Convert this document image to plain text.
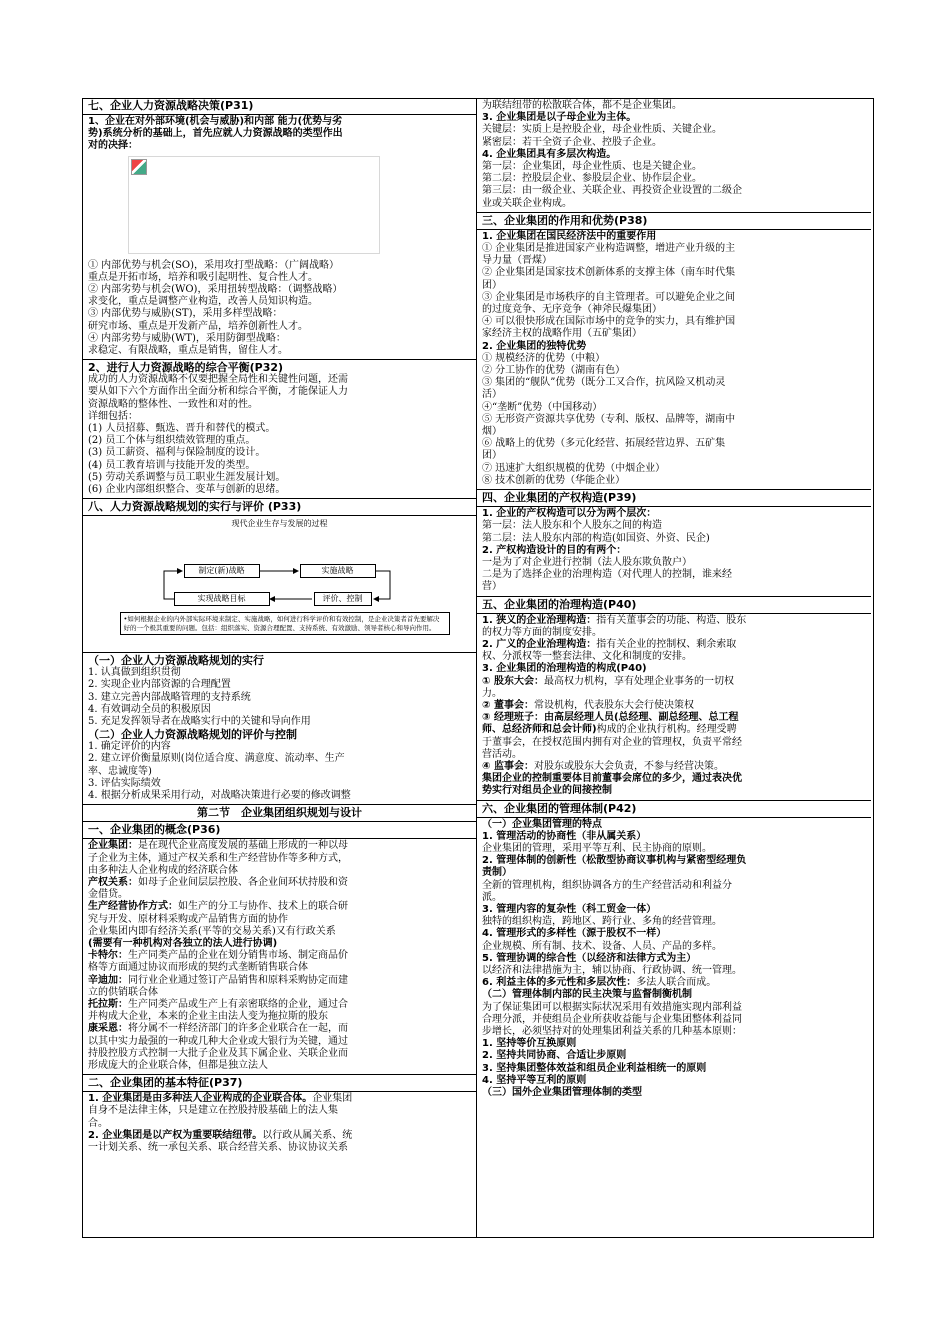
七、企业人力资源战略决策(P31)
1、企业在对外部环境(机会与威胁)和内部 能力(优势与劣
势)系统分析的基础上，首先应就人力资源战略的类型作出
对的决择：
① 内部优势与机会(SO)，采用攻打型战略：（广阔战略）
重点是开拓市场，培养和吸引起明性、复合性人才。
② 内部劣势与机会(WO)，采用扭转型战略：（调整战略）
求变化，重点是调整产业构造，改善人员知识构造。
③ 内部优势与威胁(ST)，采用多样型战略：
研究市场、重点是开发新产品，培养创新性人才。
④ 内部劣势与威胁(WT)，采用防御型战略：
求稳定、有限战略，重点是销售，留住人才。
2、进行人力资源战略的综合平衡(P32)
成功的人力资源战略不仅要把握全局性和关键性问题，还需
要从如下六个方面作出全面分析和综合平衡，才能保证人力
资源战略的整体性、一致性和对的性。
详细包括：
(1) 人员招募、甄选、晋升和替代的模式。
(2) 员工个体与组织绩效管理的重点。
(3) 员工薪资、福利与保险制度的设计。
(4) 员工教育培训与技能开发的类型。
(5) 劳动关系调整与员工职业生涯发展计划。
(6) 企业内部组织整合、变革与创新的思绪。
八、人力资源战略规划的实行与评价 (P33)
现代企业生存与发展的过程
制定(新)战略	实施战略
实现战略目标	评价、控制
•如何根据企业的内外部实际环境来制定、实施战略，如何进行科学评价和有效控制，是企业决策者首先要解决好的一个极其重要的问题。包括：组织落实、资源合理配置、支持系统、有效激励、领导者核心和导向作用。
（一）企业人力资源战略规划的实行
1. 认真做到组织贯彻
2. 实现企业内部资源的合理配置
3. 建立完善内部战略管理的支持系统
4. 有效调动全员的积极原因
5. 充足发挥领导者在战略实行中的关键和导向作用
（二）企业人力资源战略规划的评价与控制
1. 确定评价的内容
2. 建立评价衡量原则(岗位适合度、满意度、流动率、生产
率、忠诚度等)
3. 评估实际绩效
4. 根据分析成果采用行动，对战略决策进行必要的修改调整
第二节　企业集团组织规划与设计
一、企业集团的概念(P36)
企业集团：是在现代企业高度发展的基础上形成的一种以母
子企业为主体，通过产权关系和生产经营协作等多种方式，
由多种法人企业构成的经济联合体
产权关系：如母子企业间层层控股、各企业间环状持股和资
金借贷。
生产经营协作方式：如生产的分工与协作、技术上的联合研
究与开发、原材料采购或产品销售方面的协作
企业集团内即有经济关系(平等的交易关系)又有行政关系
(需要有一种机构对各独立的法人进行协调)
卡特尔：生产同类产品的企业在划分销售市场、制定商品价
格等方面通过协议而形成的契约式垄断销售联合体
辛迪加：同行业企业通过签订产品销售和原料采购协定而建
立的供销联合体
托拉斯：生产同类产品或生产上有亲密联络的企业，通过合
并构成大企业，本来的企业主由法人变为拖拉斯的股东
康采恩：将分属不一样经济部门的许多企业联合在一起，而
以其中实力最强的一种或几种大企业或大银行为关键，通过
持股控股方式控制一大批子企业及其下属企业、关联企业而
形成庞大的企业联合体，但都是独立法人
二、企业集团的基本特征(P37)
1. 企业集团是由多种法人企业构成的企业联合体。企业集团
自身不是法律主体，只是建立在控股持股基础上的法人集
合。
2. 企业集团是以产权为重要联结纽带。以行政从属关系、统
一计划关系、统一承包关系、联合经营关系、协议协议关系
为联结纽带的松散联合体，都不是企业集团。
3. 企业集团是以子母企业为主体。
关键层：实质上是控股企业，母企业性质、关键企业。
紧密层：若干全资子企业、控股子企业。
4. 企业集团具有多层次构造。
第一层：企业集团，母企业性质、也是关键企业。
第二层：控股层企业、参股层企业、协作层企业。
第三层：由一级企业、关联企业、再投资企业设置的二级企
业或关联企业构成。
三、企业集团的作用和优势(P38)
1. 企业集团在国民经济法中的重要作用
① 企业集团是推进国家产业构造调整，增进产业升级的主
导力量（晋煤）
② 企业集团是国家技术创新体系的支撑主体（南车时代集
团）
③ 企业集团是市场秩序的自主管理者。可以避免企业之间
的过度竞争、无序竞争（神斧民爆集团）
④ 可以很快形成在国际市场中的竞争的实力，具有维护国
家经济主权的战略作用（五矿集团）
2. 企业集团的独特优势
① 规模经济的优势（中粮）
② 分工协作的优势（湖南有色）
③ 集团的“舰队”优势（既分工又合作，抗风险又机动灵
活）
④“垄断”优势（中国移动）
⑤ 无形资产资源共享优势（专利、版权、品牌等，湖南中
烟）
⑥ 战略上的优势（多元化经营、拓展经营边界、五矿集
团）
⑦ 迅速扩大组织规模的优势（中烟企业）
⑧ 技术创新的优势（华能企业）
四、企业集团的产权构造(P39)
1. 企业的产权构造可以分为两个层次：
第一层：法人股东和个人股东之间的构造
第二层：法人股东内部的构造(如国资、外资、民企)
2. 产权构造设计的目的有两个：
一是为了对企业进行控制（法人股东欺负散户）
二是为了选择企业的治理构造（对代理人的控制，谁来经
营）
五、企业集团的治理构造(P40)
1. 狭义的企业治理构造：指有关董事会的功能、构造、股东
的权力等方面的制度安排。
2. 广义的企业治理构造：指有关企业的控制权、剩余索取
权、分派权等一整套法律、文化和制度的安排。
3. 企业集团的治理构造的构成(P40)
① 股东大会：最高权力机构，享有处理企业事务的一切权
力。
② 董事会：常设机构，代表股东大会行使决策权
③ 经理班子：由高层经理人员(总经理、副总经理、总工程
师、总经济师和总会计师)构成的企业执行机构。经理受聘
于董事会，在授权范围内拥有对企业的管理权，负责平常经
营活动。
④ 监事会：对股东或股东大会负责，不参与经营决策。
集团企业的控制重要体目前董事会席位的多少，通过表决优
势实行对组员企业的间接控制
六、企业集团的管理体制(P42)
（一）企业集团管理的特点
1. 管理活动的协商性（非从属关系）
企业集团的管理，采用平等互利、民主协商的原则。
2. 管理体制的创新性（松散型协商议事机构与紧密型经理负
责制）
全新的管理机构，组织协调各方的生产经营活动和利益分
派。
3. 管理内容的复杂性（科工贸金一体）
独特的组织构造，跨地区、跨行业、多角的经营管理。
4. 管理形式的多样性（源于股权不一样）
企业规模、所有制、技术、设备、人员、产品的多样。
5. 管理协调的综合性（以经济和法律方式为主）
以经济和法律措施为主，辅以协商、行政协调、统一管理。
6. 利益主体的多元性和多层次性：多法人联合而成。
（二）管理体制内部的民主决策与监督制衡机制
为了保证集团可以根据实际状况采用有效措施实现内部利益
合理分派，并使组员企业所获收益能与企业集团整体利益同
步增长，必须坚持对的处理集团利益关系的几种基本原则：
1. 坚持等价互换原则
2. 坚持共同协商、合适让步原则
3. 坚持集团整体效益和组员企业利益相统一的原则
4. 坚持平等互利的原则
（三）国外企业集团管理体制的类型
